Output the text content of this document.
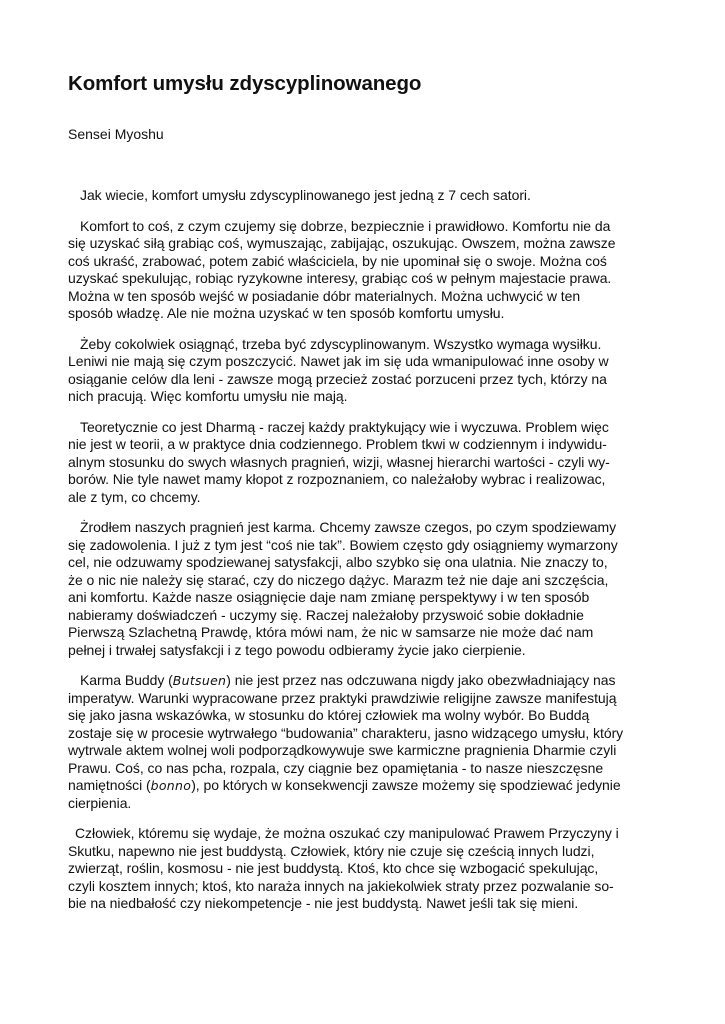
Komfort umysłu zdyscyplinowanego
Sensei Myoshu

Jak wiecie, komfort umysłu zdyscyplinowanego jest jedną z 7 cech satori.

Komfort to coś, z czym czujemy się dobrze, bezpiecznie i prawidłowo. Komfortu nie da
się uzyskać siłą grabiąc coś, wymuszając, zabijając, oszukując. Owszem, można zawsze
coś ukraść, zrabować, potem zabić właściciela, by nie upominał się o swoje. Można coś
uzyskać spekulując, robiąc ryzykowne interesy, grabiąc coś w pełnym majestacie prawa.
Można w ten sposób wejść w posiadanie dóbr materialnych. Można uchwycić w ten
sposób władzę. Ale nie można uzyskać w ten sposób komfortu umysłu.

Żeby cokolwiek osiągnąć, trzeba być zdyscyplinowanym. Wszystko wymaga wysiłku.
Leniwi nie mają się czym poszczycić. Nawet jak im się uda wmanipulować inne osoby w
osiąganie celów dla leni - zawsze mogą przecież zostać porzuceni przez tych, którzy na
nich pracują. Więc komfortu umysłu nie mają.

Teoretycznie co jest Dharmą - raczej każdy praktykujący wie i wyczuwa. Problem więc
nie jest w teorii, a w praktyce dnia codziennego. Problem tkwi w codziennym i indywidu-
alnym stosunku do swych własnych pragnień, wizji, własnej hierarchi wartości - czyli wy-
borów. Nie tyle nawet mamy kłopot z rozpoznaniem, co należałoby wybrac i realizowac,
ale z tym, co chcemy.

Żrodłem naszych pragnień jest karma. Chcemy zawsze czegos, po czym spodziewamy
się zadowolenia. I już z tym jest “coś nie tak”. Bowiem często gdy osiągniemy wymarzony
cel, nie odzuwamy spodziewanej satysfakcji, albo szybko się ona ulatnia. Nie znaczy to,
że o nic nie należy się starać, czy do niczego dążyc. Marazm też nie daje ani szczęścia,
ani komfortu. Każde nasze osiągnięcie daje nam zmianę perspektywy i w ten sposób
nabieramy doświadczeń - uczymy się. Raczej należałoby przyswoić sobie dokładnie
Pierwszą Szlachetną Prawdę, która mówi nam, że nic w samsarze nie może dać nam
pełnej i trwałej satysfakcji i z tego powodu odbieramy życie jako cierpienie.

Karma Buddy (Butsuen) nie jest przez nas odczuwana nigdy jako obezwładniający nas
imperatyw. Warunki wypracowane przez praktyki prawdziwie religijne zawsze manifestują
się jako jasna wskazówka, w stosunku do której człowiek ma wolny wybór. Bo Buddą
zostaje się w procesie wytrwałego “budowania” charakteru, jasno widzącego umysłu, który
wytrwale aktem wolnej woli podporządkowywuje swe karmiczne pragnienia Dharmie czyli
Prawu. Coś, co nas pcha, rozpala, czy ciągnie bez opamiętania - to nasze nieszczęsne
namiętności (bonno), po których w konsekwencji zawsze możemy się spodziewać jedynie
cierpienia.

Człowiek, któremu się wydaje, że można oszukać czy manipulować Prawem Przyczyny i
Skutku, napewno nie jest buddystą. Człowiek, który nie czuje się cześcią innych ludzi,
zwierząt, roślin, kosmosu - nie jest buddystą. Ktoś, kto chce się wzbogacić spekulując,
czyli kosztem innych; ktoś, kto naraża innych na jakiekolwiek straty przez pozwalanie so-
bie na niedbałość czy niekompetencje - nie jest buddystą. Nawet jeśli tak się mieni.
